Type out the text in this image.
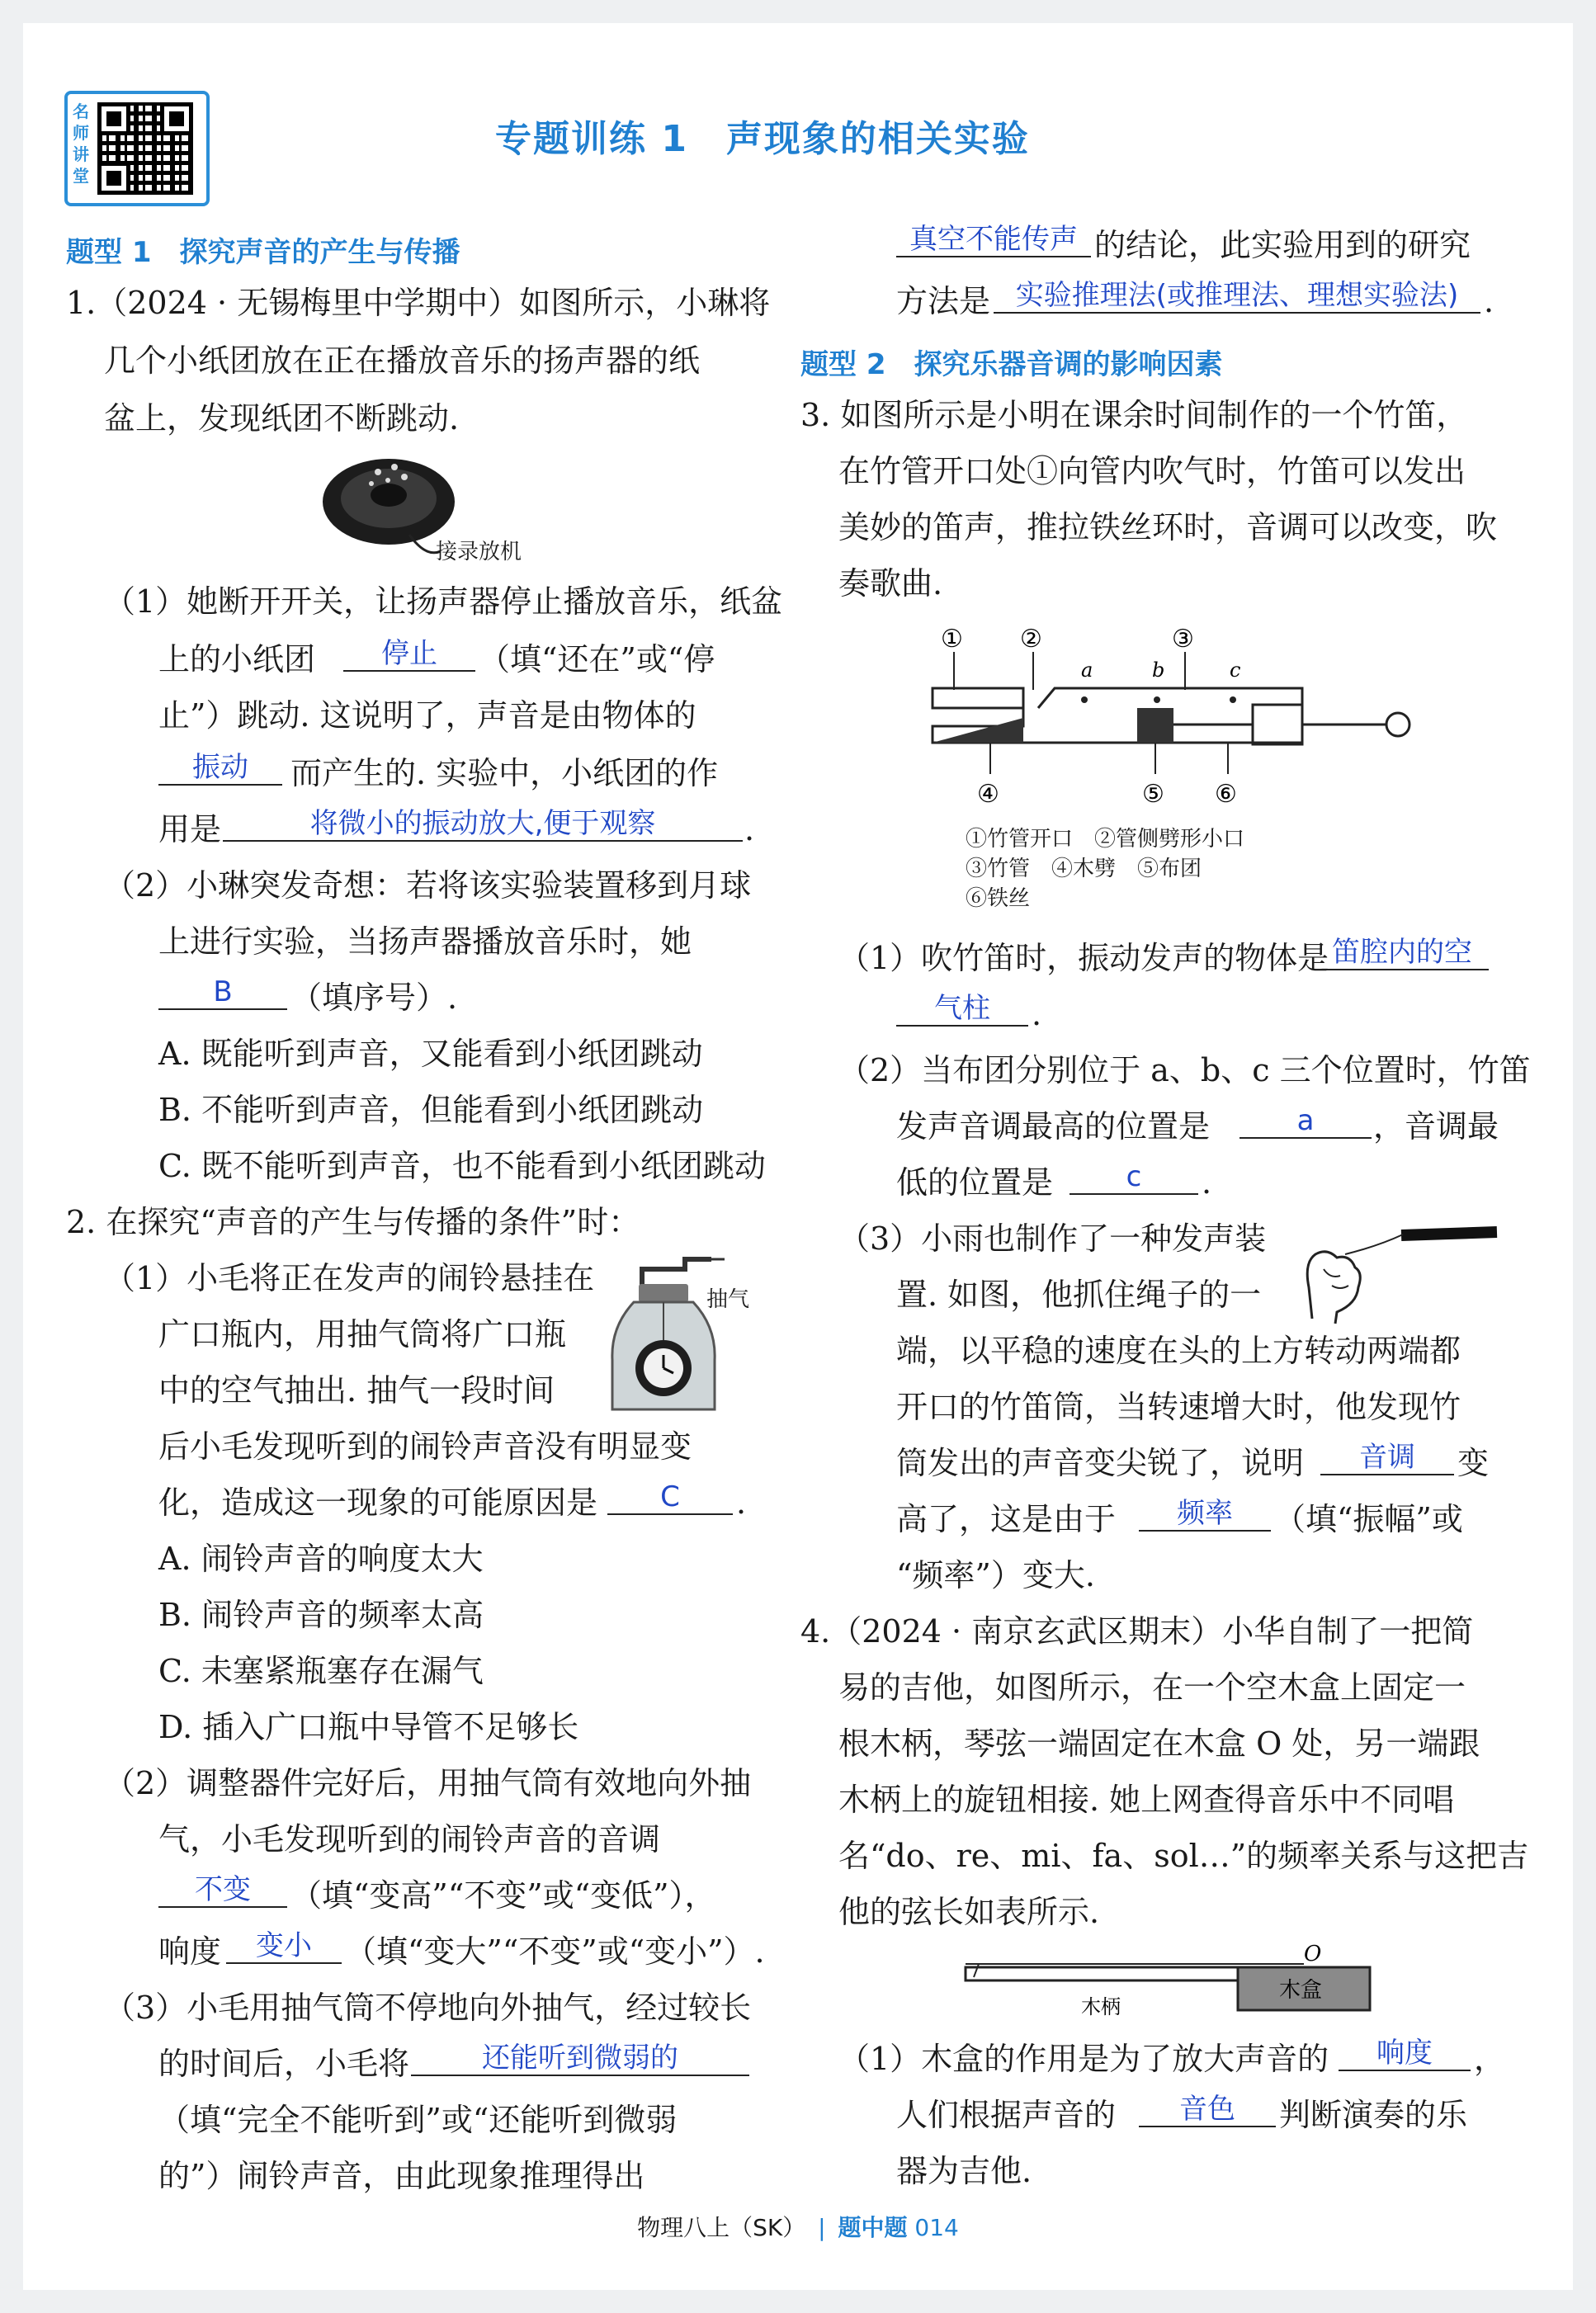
名师讲堂
专题训练 1　声现象的相关实验
题型 1　探究声音的产生与传播
1.（2024 · 无锡梅里中学期中）如图所示，小琳将
几个小纸团放在正在播放音乐的扬声器的纸
盆上，发现纸团不断跳动.
接录放机
（1）她断开开关，让扬声器停止播放音乐，纸盆
上的小纸团	停止	（填“还在”或“停
止”）跳动. 这说明了，声音是由物体的
振动	而产生的. 实验中，小纸团的作
用是	将微小的振动放大,便于观察	.
（2）小琳突发奇想：若将该实验装置移到月球
上进行实验，当扬声器播放音乐时，她
B	（填序号）.
A. 既能听到声音，又能看到小纸团跳动
B. 不能听到声音，但能看到小纸团跳动
C. 既不能听到声音，也不能看到小纸团跳动
2. 在探究“声音的产生与传播的条件”时：
（1）小毛将正在发声的闹铃悬挂在
广口瓶内，用抽气筒将广口瓶
中的空气抽出. 抽气一段时间
后小毛发现听到的闹铃声音没有明显变
化，造成这一现象的可能原因是	C	.
抽气
A. 闹铃声音的响度太大
B. 闹铃声音的频率太高
C. 未塞紧瓶塞存在漏气
D. 插入广口瓶中导管不足够长
（2）调整器件完好后，用抽气筒有效地向外抽
气，小毛发现听到的闹铃声音的音调
不变	（填“变高”“不变”或“变低”），
响度	变小	（填“变大”“不变”或“变小”）.
（3）小毛用抽气筒不停地向外抽气，经过较长
的时间后，小毛将	还能听到微弱的
（填“完全不能听到”或“还能听到微弱
的”）闹铃声音，由此现象推理得出
真空不能传声 的结论，此实验用到的研究
方法是 实验推理法(或推理法、理想实验法) .
题型 2　探究乐器音调的影响因素
3. 如图所示是小明在课余时间制作的一个竹笛，
在竹管开口处①向管内吹气时，竹笛可以发出
美妙的笛声，推拉铁丝环时，音调可以改变，吹
奏歌曲.
① ②	③
a	b	c
④	⑤ ⑥
①竹管开口　②管侧劈形小口
③竹管　④木劈　⑤布团
⑥铁丝
（1）吹竹笛时，振动发声的物体是 笛腔内的空
气柱	.
（2）当布团分别位于 a、b、c 三个位置时，竹笛
发声音调最高的位置是	a	，音调最
低的位置是	c	.
（3）小雨也制作了一种发声装
置. 如图，他抓住绳子的一
端，以平稳的速度在头的上方转动两端都
开口的竹笛筒，当转速增大时，他发现竹
筒发出的声音变尖锐了，说明	音调	变
高了，这是由于	频率	（填“振幅”或
“频率”）变大.
4.（2024 · 南京玄武区期末）小华自制了一把简
易的吉他，如图所示，在一个空木盒上固定一
根木柄，琴弦一端固定在木盒 O 处，另一端跟
木柄上的旋钮相接. 她上网查得音乐中不同唱
名“do、re、mi、fa、sol…”的频率关系与这把吉
他的弦长如表所示.
O
木柄
木盒
（1）木盒的作用是为了放大声音的	响度	，
人们根据声音的	音色	判断演奏的乐
器为吉他.
物理八上（SK） | 题中题 014
